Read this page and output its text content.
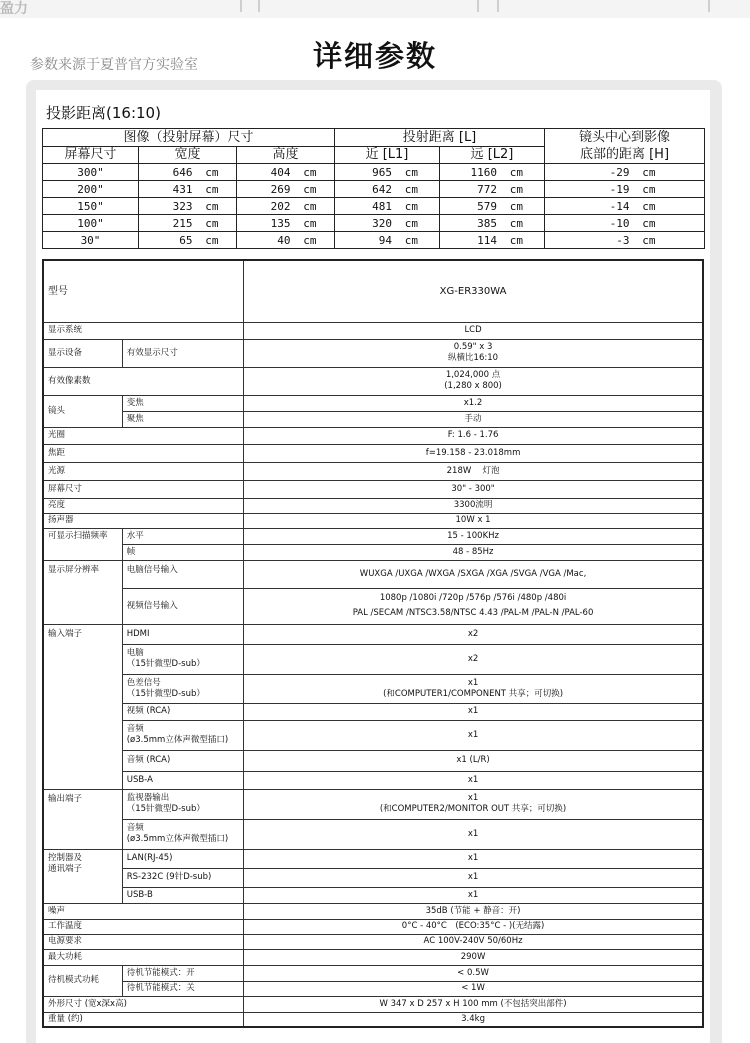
盈力
参数来源于夏普官方实验室	详细参数
投影距离(16:10)
图像（投射屏幕）尺寸			投射距离 [L]		镜头中心到影像
底部的距离 [H]
屏幕尺寸	宽度	高度	近 [L1]	远 [L2]	
300"	646 cm	404 cm	965 cm	1160 cm	-29 cm
200"	431 cm	269 cm	642 cm	772 cm	-19 cm
150"	323 cm	202 cm	481 cm	579 cm	-14 cm
100"	215 cm	135 cm	320 cm	385 cm	-10 cm
30"	65 cm	40 cm	94 cm	114 cm	-3 cm
型号		XG-ER330WA
显示系统		LCD
显示设备	有效显示尺寸	0.59" x 3
纵横比16:10

有效像素数		1,024,000 点
(1,280 x 800)

镜头	变焦	x1.2
	聚焦	手动
光圈		F: 1.6 - 1.76
焦距		f=19.158 - 23.018mm
光源		218W　 灯泡
屏幕尺寸		30" - 300"
亮度		3300流明
扬声器		10W x 1
可显示扫描频率	水平	15 - 100KHz
	帧	48 - 85Hz
显示屏分辨率	电脑信号输入	WUXGA /UXGA /WXGA /SXGA /XGA /SVGA /VGA /Mac,
	视频信号输入	1080p /1080i /720p /576p /576i /480p /480i
PAL /SECAM /NTSC3.58/NTSC 4.43 /PAL-M /PAL-N /PAL-60

输入端子	HDMI	x2

	电脑
（15针微型D-sub）	x2

	色差信号
（15针微型D-sub）	x1
(和COMPUTER1/COMPONENT 共享；可切换)

	视频 (RCA)	x1

	音频
(ø3.5mm立体声微型插口)	x1
	音频 (RCA)	x1 (L/R)
	USB-A	x1
输出端子	监视器输出
（15针微型D-sub）	x1
(和COMPUTER2/MONITOR OUT 共享；可切换)

	音频
(ø3.5mm立体声微型插口)	x1

控制器及
通讯端子	LAN(RJ-45)	x1
	RS-232C (9针D-sub)	x1
	USB-B	x1
噪声		35dB (节能 + 静音：开)
工作温度		0°C - 40°C　(ECO:35°C - )(无结露)
电源要求		AC 100V-240V 50/60Hz
最大功耗		290W
待机模式功耗	待机节能模式：开	< 0.5W
	待机节能模式：关	< 1W
外形尺寸 (宽x深x高)		W 347 x D 257 x H 100 mm (不包括突出部件)
重量 (约)		3.4kg
